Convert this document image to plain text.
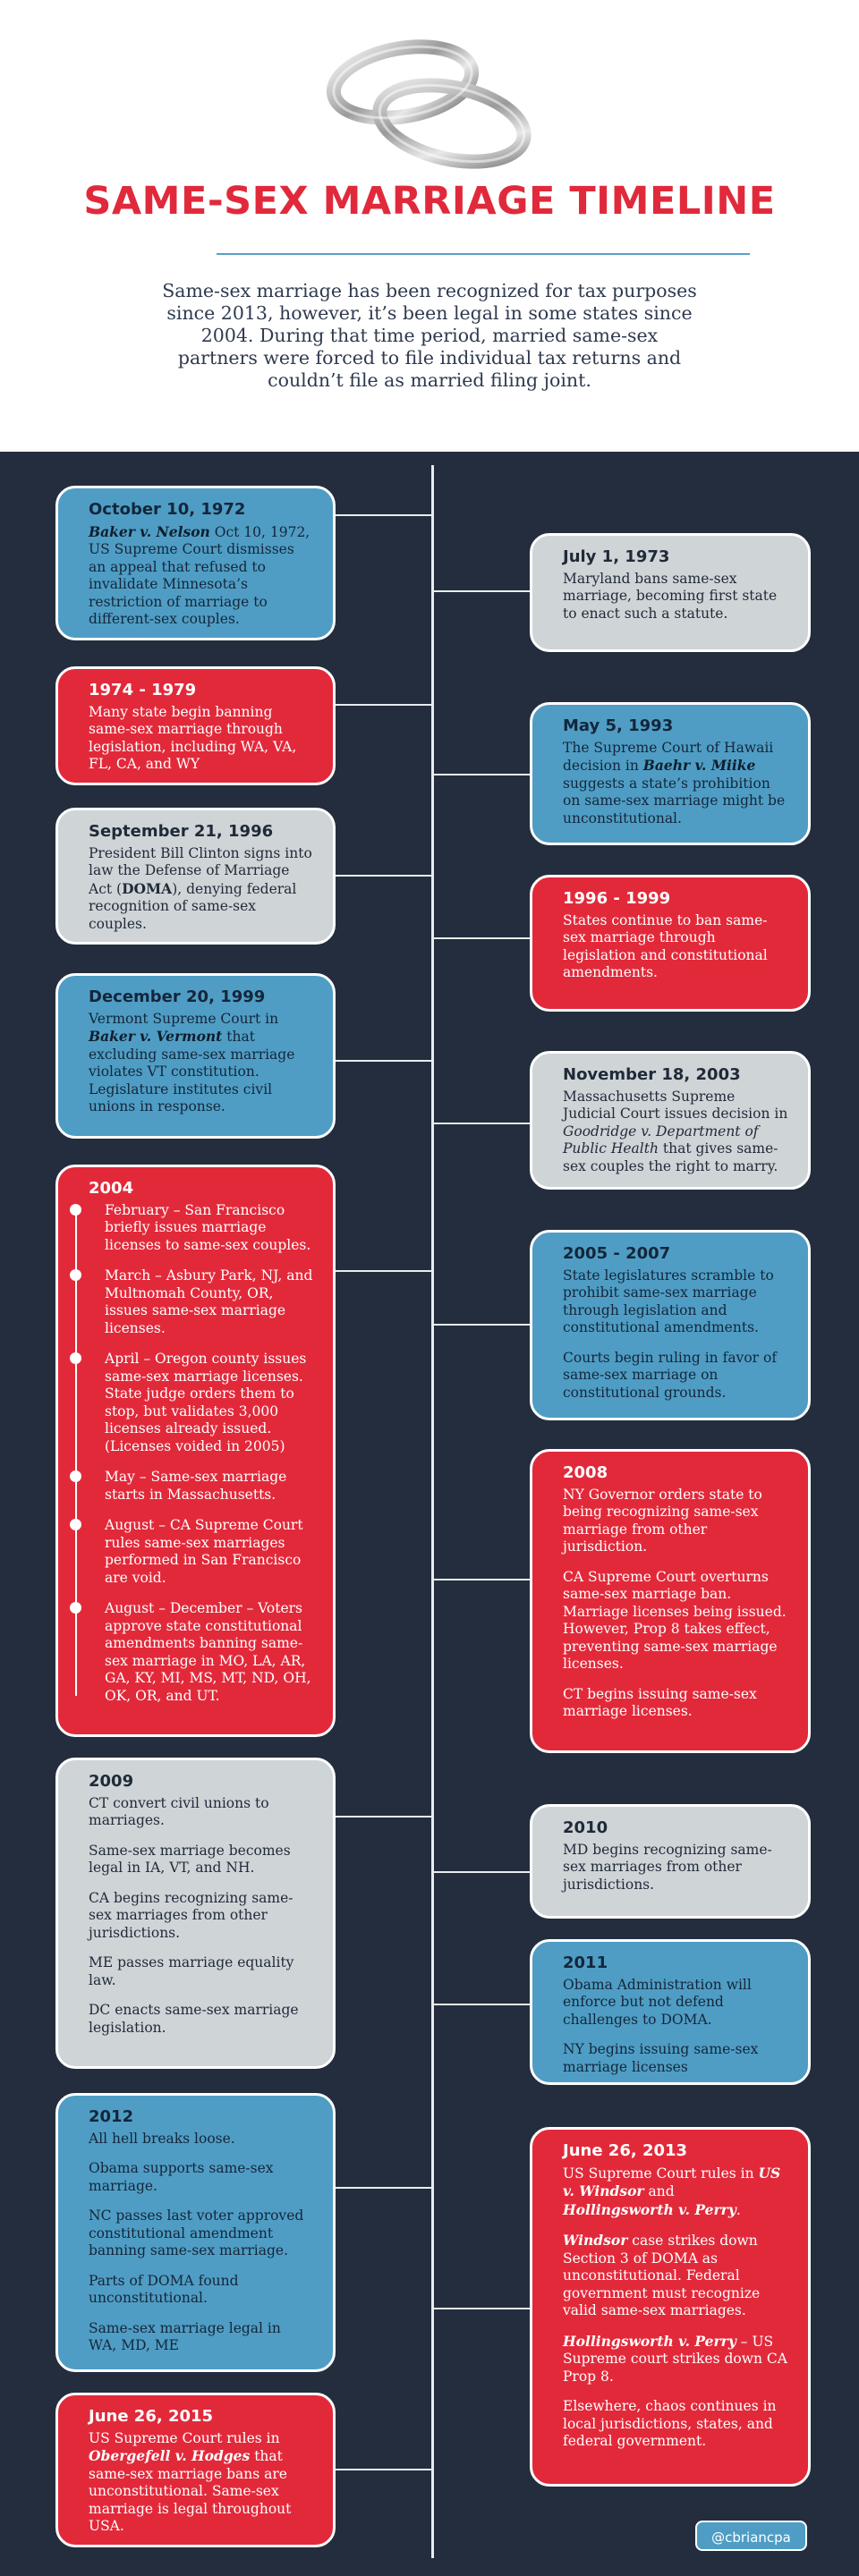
SAME-SEX MARRIAGE TIMELINE
Same-sex marriage has been recognized for tax purposes since 2013, however, it’s been legal in some states since 2004. During that time period, married same-sex partners were forced to file individual tax returns and couldn’t file as married filing joint.
October 10, 1972

Baker v. Nelson Oct 10, 1972, US Supreme Court dismisses an appeal that refused to invalidate Minnesota’s restriction of marriage to different-sex couples.

1974 - 1979

Many state begin banning same-sex marriage through legislation, including WA, VA, FL, CA, and WY

September 21, 1996

President Bill Clinton signs into law the Defense of Marriage Act (DOMA), denying federal recognition of same-sex couples.

December 20, 1999

Vermont Supreme Court in Baker v. Vermont that excluding same-sex marriage violates VT constitution. Legislature institutes civil unions in response.

2004
February – San Francisco briefly issues marriage licenses to same-sex couples.
March – Asbury Park, NJ, and Multnomah County, OR, issues same-sex marriage licenses.
April – Oregon county issues same-sex marriage licenses. State judge orders them to stop, but validates 3,000 licenses already issued. (Licenses voided in 2005)
May – Same-sex marriage starts in Massachusetts.
August – CA Supreme Court rules same-sex marriages performed in San Francisco are void.
August – December – Voters approve state constitutional amendments banning same-sex marriage in MO, LA, AR, GA, KY, MI, MS, MT, ND, OH, OK, OR, and UT.
2009

CT convert civil unions to marriages.

Same-sex marriage becomes legal in IA, VT, and NH.

CA begins recognizing same-sex marriages from other jurisdictions.

ME passes marriage equality law.

DC enacts same-sex marriage legislation.

2012

All hell breaks loose.

Obama supports same-sex marriage.

NC passes last voter approved constitutional amendment banning same-sex marriage.

Parts of DOMA found unconstitutional.

Same-sex marriage legal in WA, MD, ME

June 26, 2015

US Supreme Court rules in Obergefell v. Hodges that same-sex marriage bans are unconstitutional. Same-sex marriage is legal throughout USA.

July 1, 1973

Maryland bans same-sex marriage, becoming first state to enact such a statute.

May 5, 1993

The Supreme Court of Hawaii decision in Baehr v. Miike suggests a state’s prohibition on same-sex marriage might be unconstitutional.

1996 - 1999

States continue to ban same-sex marriage through legislation and constitutional amendments.

November 18, 2003

Massachusetts Supreme Judicial Court issues decision in Goodridge v. Department of Public Health that gives same-sex couples the right to marry.

2005 - 2007

State legislatures scramble to prohibit same-sex marriage through legislation and constitutional amendments.

Courts begin ruling in favor of same-sex marriage on constitutional grounds.

2008

NY Governor orders state to being recognizing same-sex marriage from other jurisdiction.

CA Supreme Court overturns same-sex marriage ban. Marriage licenses being issued. However, Prop 8 takes effect, preventing same-sex marriage licenses.

CT begins issuing same-sex marriage licenses.

2010

MD begins recognizing same-sex marriages from other jurisdictions.

2011

Obama Administration will enforce but not defend challenges to DOMA.

NY begins issuing same-sex marriage licenses

June 26, 2013

US Supreme Court rules in US v. Windsor and Hollingsworth v. Perry.

Windsor case strikes down Section 3 of DOMA as unconstitutional. Federal government must recognize valid same-sex marriages.

Hollingsworth v. Perry – US Supreme court strikes down CA Prop 8.

Elsewhere, chaos continues in local jurisdictions, states, and federal government.

@cbriancpa
